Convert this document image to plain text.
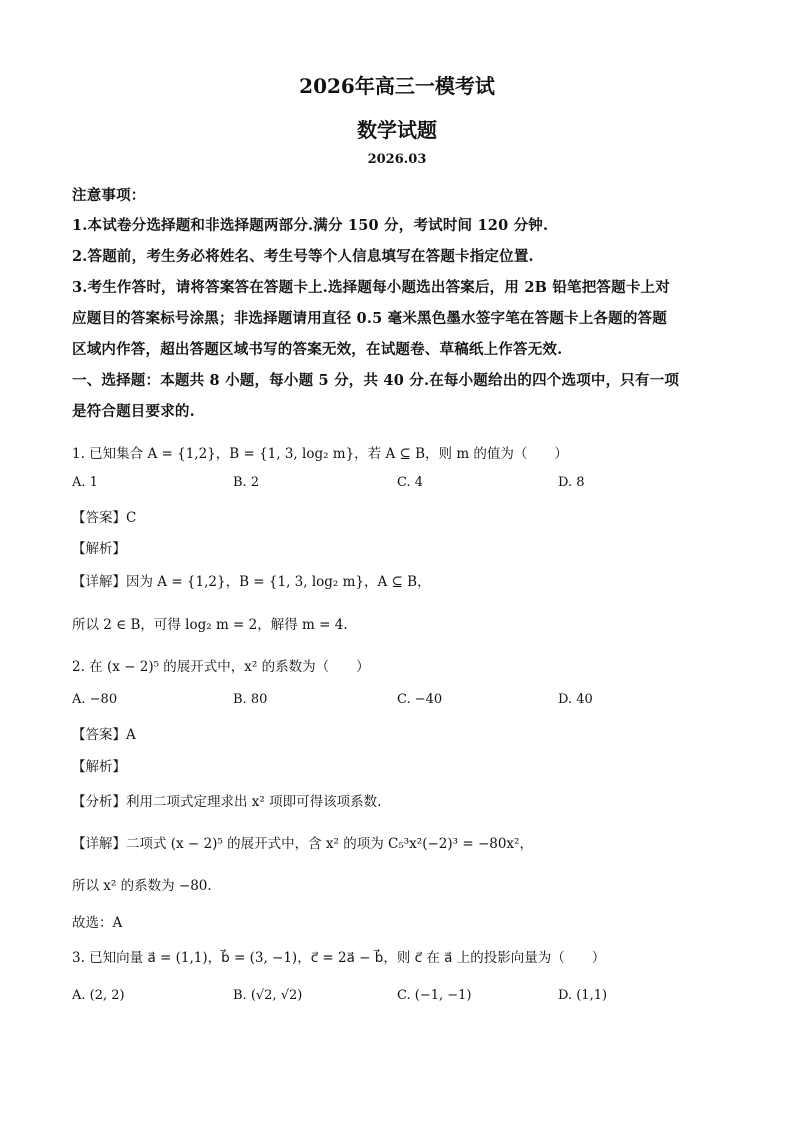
2026年高三一模考试
数学试题
2026.03
注意事项：
1.本试卷分选择题和非选择题两部分.满分 150 分，考试时间 120 分钟.
2.答题前，考生务必将姓名、考生号等个人信息填写在答题卡指定位置.
3.考生作答时，请将答案答在答题卡上.选择题每小题选出答案后，用 2B 铅笔把答题卡上对
应题目的答案标号涂黑；非选择题请用直径 0.5 毫米黑色墨水签字笔在答题卡上各题的答题
区域内作答，超出答题区域书写的答案无效，在试题卷、草稿纸上作答无效.
一、选择题：本题共 8 小题，每小题 5 分，共 40 分.在每小题给出的四个选项中，只有一项
是符合题目要求的.
1. 已知集合 A = {1,2}，B = {1, 3, log₂ m}，若 A ⊆ B，则 m 的值为（　　）
A. 1	B. 2	C. 4	D. 8
【答案】C
【解析】
【详解】因为 A = {1,2}，B = {1, 3, log₂ m}，A ⊆ B，
所以 2 ∈ B，可得 log₂ m = 2，解得 m = 4.
2. 在 (x − 2)⁵ 的展开式中，x² 的系数为（　　）
A. −80	B. 80	C. −40	D. 40
【答案】A
【解析】
【分析】利用二项式定理求出 x² 项即可得该项系数.
【详解】二项式 (x − 2)⁵ 的展开式中，含 x² 的项为 C₅³x²(−2)³ = −80x²，
所以 x² 的系数为 −80.
故选：A
3. 已知向量 a⃗ = (1,1)，b⃗ = (3, −1)，c⃗ = 2a⃗ − b⃗，则 c⃗ 在 a⃗ 上的投影向量为（　　）
A. (2, 2)	B. (√2, √2)	C. (−1, −1)	D. (1,1)
